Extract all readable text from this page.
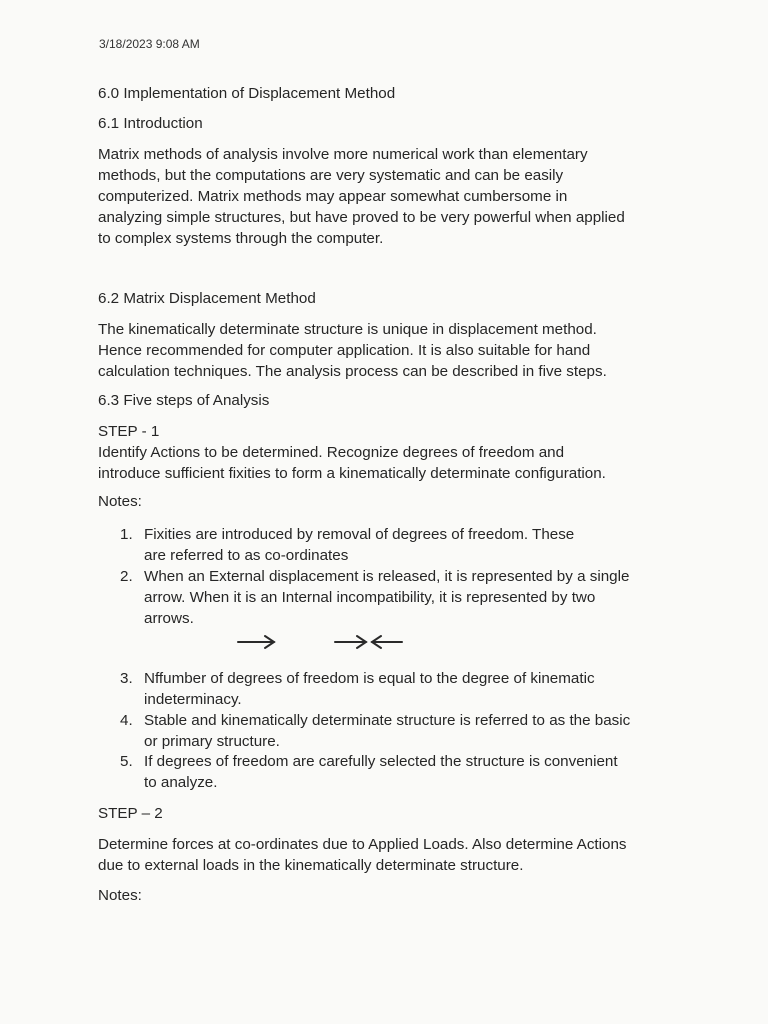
3/18/2023 9:08 AM
6.0 Implementation of Displacement Method
6.1 Introduction
Matrix methods of analysis involve more numerical work than elementary
methods, but the computations are very systematic and can be easily
computerized. Matrix methods may appear somewhat cumbersome in
analyzing simple structures, but have proved to be very powerful when applied
to complex systems through the computer.
6.2 Matrix Displacement Method
The kinematically determinate structure is unique in displacement method.
Hence recommended for computer application. It is also suitable for hand
calculation techniques. The analysis process can be described in five steps.
6.3 Five steps of Analysis
STEP - 1
Identify Actions to be determined. Recognize degrees of freedom and
introduce sufficient fixities to form a kinematically determinate configuration.
Notes:
1. Fixities are introduced by removal of degrees of freedom. These
are referred to as co-ordinates
2. When an External displacement is released, it is represented by a single
arrow. When it is an Internal incompatibility, it is represented by two
arrows.
3. Nffumber of degrees of freedom is equal to the degree of kinematic
indeterminacy.
4. Stable and kinematically determinate structure is referred to as the basic
or primary structure.
5. If degrees of freedom are carefully selected the structure is convenient
to analyze.
STEP – 2
Determine forces at co-ordinates due to Applied Loads. Also determine Actions
due to external loads in the kinematically determinate structure.
Notes:
